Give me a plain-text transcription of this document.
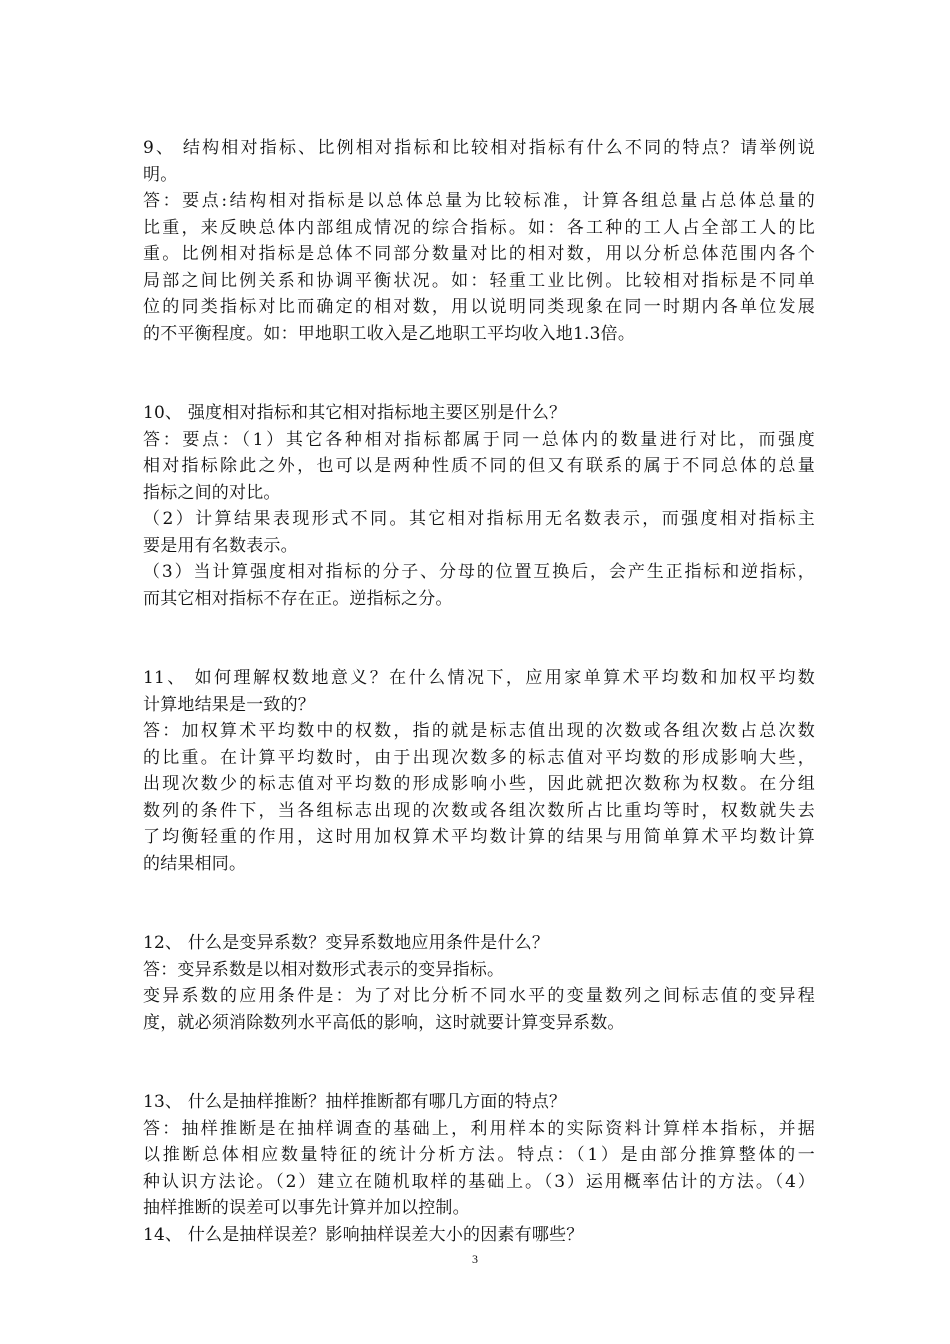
9、 结构相对指标、比例相对指标和比较相对指标有什么不同的特点？请举例说
明。
答：要点:结构相对指标是以总体总量为比较标准，计算各组总量占总体总量的
比重，来反映总体内部组成情况的综合指标。如：各工种的工人占全部工人的比
重。比例相对指标是总体不同部分数量对比的相对数，用以分析总体范围内各个
局部之间比例关系和协调平衡状况。如：轻重工业比例。比较相对指标是不同单
位的同类指标对比而确定的相对数，用以说明同类现象在同一时期内各单位发展
的不平衡程度。如：甲地职工收入是乙地职工平均收入地1.3倍。
10、 强度相对指标和其它相对指标地主要区别是什么？
答：要点：（1）其它各种相对指标都属于同一总体内的数量进行对比，而强度
相对指标除此之外，也可以是两种性质不同的但又有联系的属于不同总体的总量
指标之间的对比。
（2）计算结果表现形式不同。其它相对指标用无名数表示，而强度相对指标主
要是用有名数表示。
（3）当计算强度相对指标的分子、分母的位置互换后，会产生正指标和逆指标，
而其它相对指标不存在正。逆指标之分。
11、 如何理解权数地意义？在什么情况下，应用家单算术平均数和加权平均数
计算地结果是一致的？
答：加权算术平均数中的权数，指的就是标志值出现的次数或各组次数占总次数
的比重。在计算平均数时，由于出现次数多的标志值对平均数的形成影响大些，
出现次数少的标志值对平均数的形成影响小些，因此就把次数称为权数。在分组
数列的条件下，当各组标志出现的次数或各组次数所占比重均等时，权数就失去
了均衡轻重的作用，这时用加权算术平均数计算的结果与用简单算术平均数计算
的结果相同。
12、 什么是变异系数？变异系数地应用条件是什么？
答：变异系数是以相对数形式表示的变异指标。
变异系数的应用条件是：为了对比分析不同水平的变量数列之间标志值的变异程
度，就必须消除数列水平高低的影响，这时就要计算变异系数。
13、 什么是抽样推断？抽样推断都有哪几方面的特点？
答：抽样推断是在抽样调查的基础上，利用样本的实际资料计算样本指标，并据
以推断总体相应数量特征的统计分析方法。特点：（1）是由部分推算整体的一
种认识方法论。（2）建立在随机取样的基础上。（3）运用概率估计的方法。（4）
抽样推断的误差可以事先计算并加以控制。
14、 什么是抽样误差？影响抽样误差大小的因素有哪些？
3
